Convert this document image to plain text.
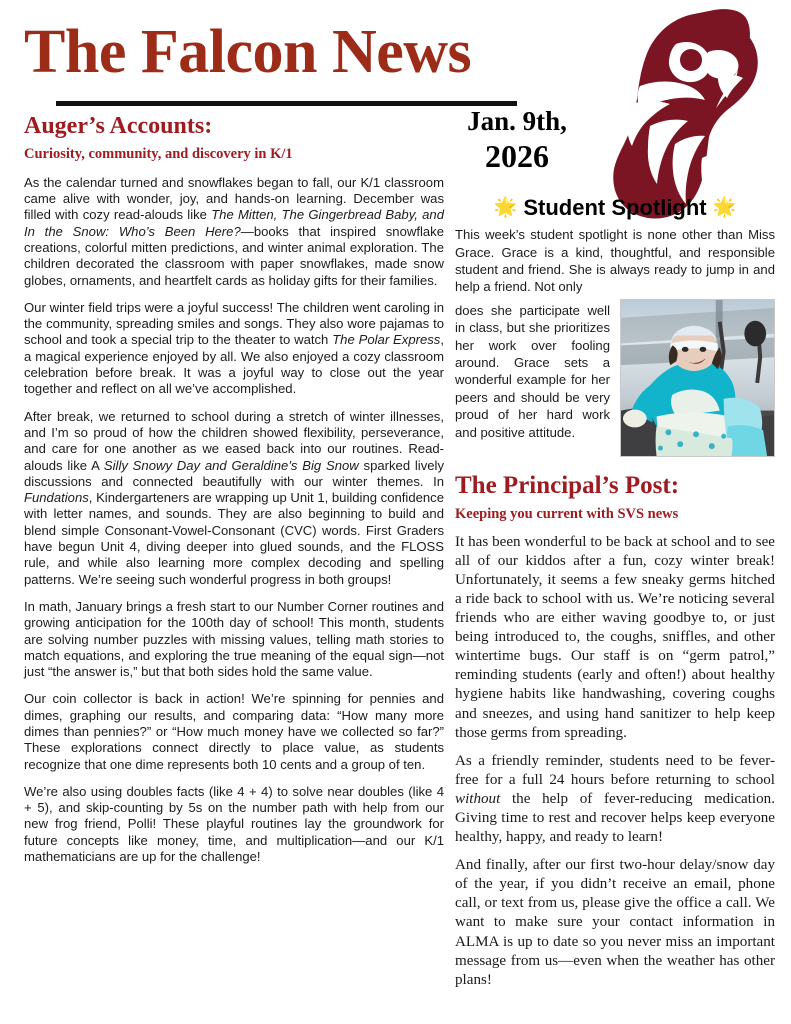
The Falcon News
Jan. 9th,
2026
Auger’s Accounts:
Curiosity, community, and discovery in K/1

As the calendar turned and snowflakes began to fall, our K/1 classroom came alive with wonder, joy, and hands-on learning. December was filled with cozy read-alouds like The Mitten, The Gingerbread Baby, and In the Snow: Who’s Been Here?—books that inspired snowflake creations, colorful mitten predictions, and winter animal exploration. The children decorated the classroom with paper snowflakes, made snow globes, ornaments, and heartfelt cards as holiday gifts for their families.

Our winter field trips were a joyful success! The children went caroling in the community, spreading smiles and songs. They also wore pajamas to school and took a special trip to the theater to watch The Polar Express, a magical experience enjoyed by all. We also enjoyed a cozy classroom celebration before break. It was a joyful way to close out the year together and reflect on all we’ve accomplished.

After break, we returned to school during a stretch of winter illnesses, and I’m so proud of how the children showed flexibility, perseverance, and care for one another as we eased back into our routines. Read-alouds like A Silly Snowy Day and Geraldine’s Big Snow sparked lively discussions and connected beautifully with our winter themes. In Fundations, Kindergarteners are wrapping up Unit 1, building confidence with letter names, and sounds. They are also beginning to build and blend simple Consonant-Vowel-Consonant (CVC) words. First Graders have begun Unit 4, diving deeper into glued sounds, and the FLOSS rule, and while also learning more complex decoding and spelling patterns. We’re seeing such wonderful progress in both groups!

In math, January brings a fresh start to our Number Corner routines and growing anticipation for the 100th day of school! This month, students are solving number puzzles with missing values, telling math stories to match equations, and exploring the true meaning of the equal sign—not just “the answer is,” but that both sides hold the same value.

Our coin collector is back in action! We’re spinning for pennies and dimes, graphing our results, and comparing data: “How many more dimes than pennies?” or “How much money have we collected so far?” These explorations connect directly to place value, as students recognize that one dime represents both 10 cents and a group of ten.

We’re also using doubles facts (like 4 + 4) to solve near doubles (like 4 + 5), and skip-counting by 5s on the number path with help from our new frog friend, Polli! These playful routines lay the groundwork for future concepts like money, time, and multiplication—and our K/1 mathematicians are up for the challenge!

🌟 Student Spotlight 🌟

This week’s student spotlight is none other than Miss Grace. Grace is a kind, thoughtful, and responsible student and friend. She is always ready to jump in and help a friend. Not only

does she participate well in class, but she prioritizes her work over fooling around. Grace sets a wonderful example for her peers and should be very proud of her hard work and positive attitude.

The Principal’s Post:
Keeping you current with SVS news

It has been wonderful to be back at school and to see all of our kiddos after a fun, cozy winter break! Unfortunately, it seems a few sneaky germs hitched a ride back to school with us. We’re noticing several friends who are either waving goodbye to, or just being introduced to, the coughs, sniffles, and other wintertime bugs. Our staff is on “germ patrol,” reminding students (early and often!) about healthy hygiene habits like handwashing, covering coughs and sneezes, and using hand sanitizer to help keep those germs from spreading.

As a friendly reminder, students need to be fever-free for a full 24 hours before returning to school without the help of fever-reducing medication. Giving time to rest and recover helps keep everyone healthy, happy, and ready to learn!

And finally, after our first two-hour delay/snow day of the year, if you didn’t receive an email, phone call, or text from us, please give the office a call. We want to make sure your contact information in ALMA is up to date so you never miss an important message from us—even when the weather has other plans!
